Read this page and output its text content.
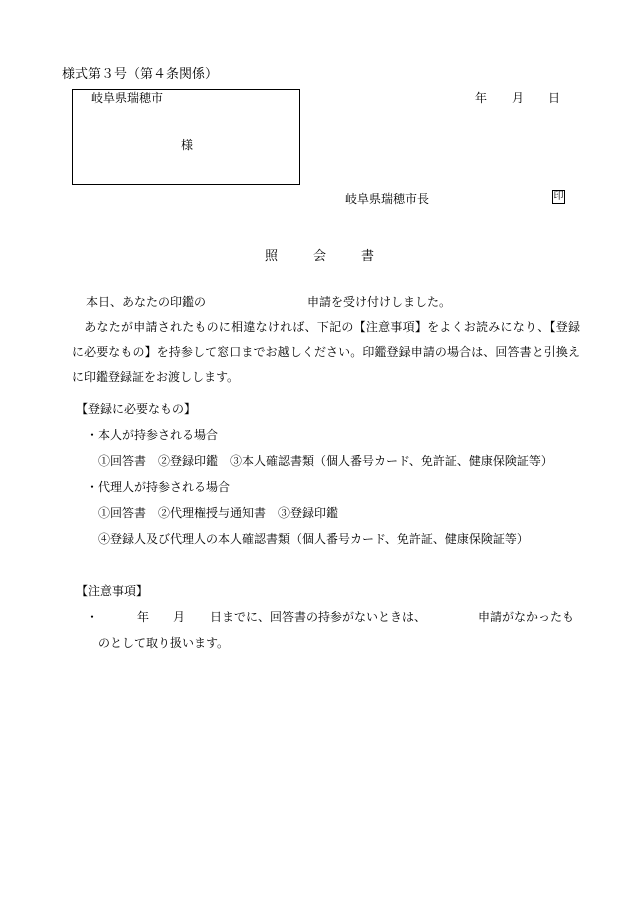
様式第３号（第４条関係）
岐阜県瑞穂市
様
年 月 日
岐阜県瑞穂市長	印
照	会	書
本日、あなたの印鑑の	申請を受け付けしました。
あなたが申請されたものに相違なければ、下記の【注意事項】をよくお読みになり、【登録に必要なもの】を持参して窓口までお越しください。印鑑登録申請の場合は、回答書と引換えに印鑑登録証をお渡しします。
【登録に必要なもの】
・本人が持参される場合
①回答書　②登録印鑑　③本人確認書類（個人番号カード、免許証、健康保険証等）
・代理人が持参される場合
①回答書　②代理権授与通知書　③登録印鑑
④登録人及び代理人の本人確認書類（個人番号カード、免許証、健康保険証等）
【注意事項】
・	年 月 日までに、回答書の持参がないときは、	申請がなかったも
のとして取り扱います。
